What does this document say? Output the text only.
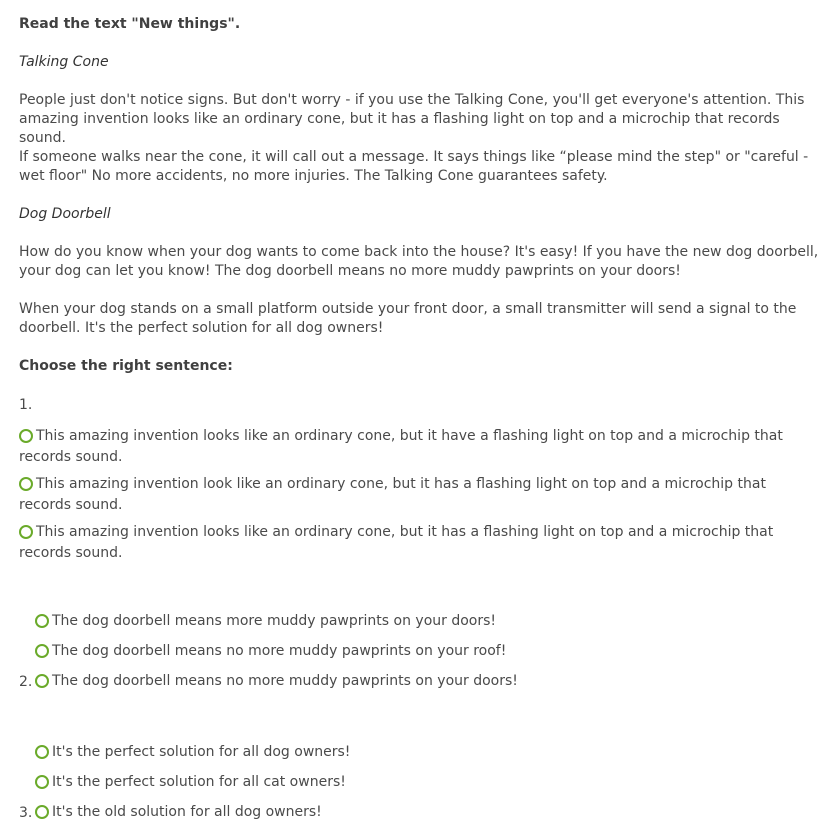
Read the text "New things".
Talking Cone
People just don't notice signs. But don't worry - if you use the Talking Cone, you'll get everyone's attention. This amazing invention looks like an ordinary cone, but it has a flashing light on top and a microchip that records sound.
If someone walks near the cone, it will call out a message. It says things like “please mind the step" or "careful - wet floor" No more accidents, no more injuries. The Talking Cone guarantees safety.
Dog Doorbell
How do you know when your dog wants to come back into the house? It's easy! If you have the new dog doorbell, your dog can let you know! The dog doorbell means no more muddy pawprints on your doors!
When your dog stands on a small platform outside your front door, a small transmitter will send a signal to the doorbell. It's the perfect solution for all dog owners!
Choose the right sentence:
1.
This amazing invention looks like an ordinary cone, but it have a flashing light on top and a microchip that records sound.
This amazing invention look like an ordinary cone, but it has a flashing light on top and a microchip that records sound.
This amazing invention looks like an ordinary cone, but it has a flashing light on top and a microchip that records sound.
The dog doorbell means more muddy pawprints on your doors!
The dog doorbell means no more muddy pawprints on your roof!
2.	The dog doorbell means no more muddy pawprints on your doors!
It's the perfect solution for all dog owners!
It's the perfect solution for all cat owners!
3.	It's the old solution for all dog owners!
